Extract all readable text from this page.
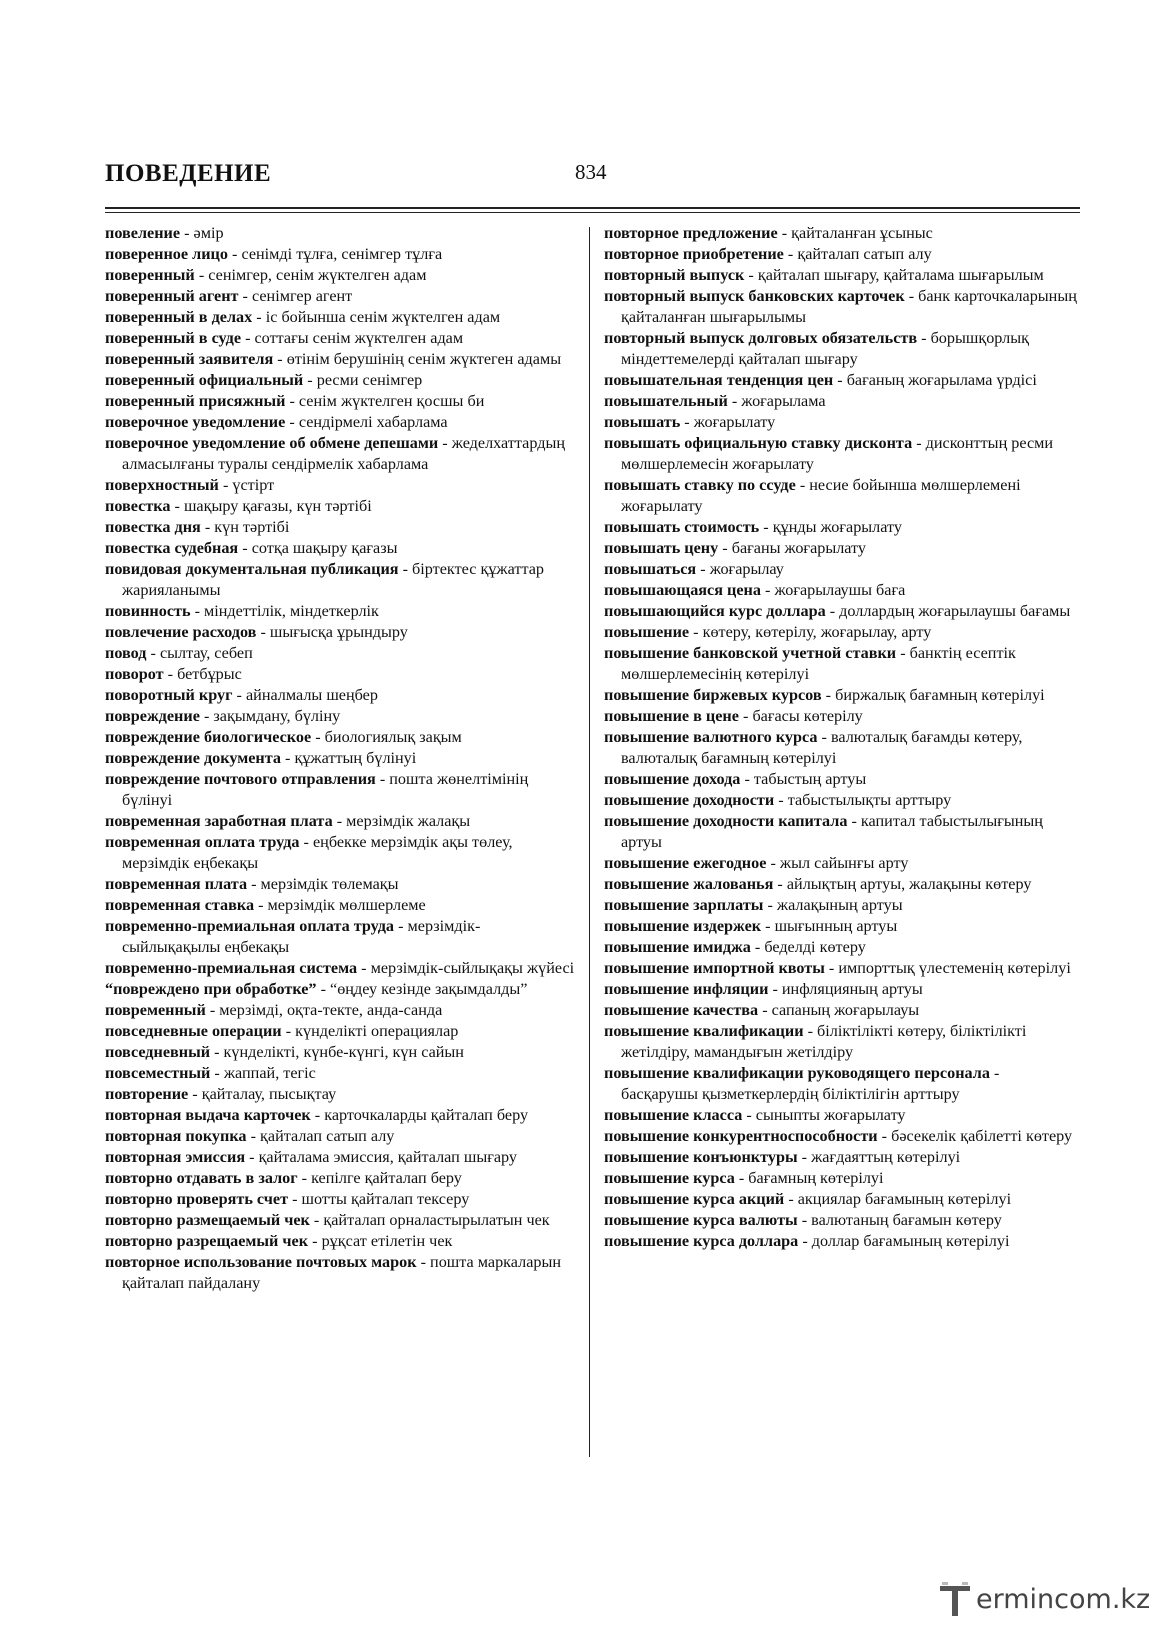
ПОВЕДЕНИЕ	834

повеление - әмір

поверенное лицо - сенімді тұлға, сенімгер тұлға

поверенный - сенімгер, сенім жүктелген адам

поверенный агент - сенімгер агент

поверенный в делах - іс бойынша сенім жүктелген адам

поверенный в суде - соттағы сенім жүктелген адам

поверенный заявителя - өтінім берушінің сенім жүктеген адамы

поверенный официальный - ресми сенімгер

поверенный присяжный - сенім жүктелген қосшы би

поверочное уведомление - сендірмелі хабарлама

поверочное уведомление об обмене депешами - жеделхаттардың алмасылғаны туралы сендірмелік хабарлама

поверхностный - үстірт

повестка - шақыру қағазы, күн тәртібі

повестка дня - күн тәртібі

повестка судебная - сотқа шақыру қағазы

повидовая документальная публикация - біртектес құжаттар жарияланымы

повинность - міндеттілік, міндеткерлік

повлечение расходов - шығысқа ұрындыру

повод - сылтау, себеп

поворот - бетбұрыс

поворотный круг - айналмалы шеңбер

повреждение - зақымдану, бүліну

повреждение биологическое - биологиялық зақым

повреждение документа - құжаттың бүлінуі

повреждение почтового отправления - пошта жөнелтімінің бүлінуі

повременная заработная плата - мерзімдік жалақы

повременная оплата труда - еңбекке мерзімдік ақы төлеу, мерзімдік еңбекақы

повременная плата - мерзімдік төлемақы

повременная ставка - мерзімдік мөлшерлеме

повременно-премиальная оплата труда - мерзімдік-сыйлықақылы еңбекақы

повременно-премиальная система - мерзімдік-сыйлықақы жүйесі

“повреждено при обработке” - “өңдеу кезінде зақымдалды”

повременный - мерзімді, оқта-текте, анда-санда

повседневные операции - күнделікті операциялар

повседневный - күнделікті, күнбе-күнгі, күн сайын

повсеместный - жаппай, тегіс

повторение - қайталау, пысықтау

повторная выдача карточек - карточкаларды қайталап беру

повторная покупка - қайталап сатып алу

повторная эмиссия - қайталама эмиссия, қайталап шығару

повторно отдавать в залог - кепілге қайталап беру

повторно проверять счет - шотты қайталап тексеру

повторно размещаемый чек - қайталап орналастырылатын чек

повторно разрещаемый чек - рұқсат етілетін чек

повторное использование почтовых марок - пошта маркаларын қайталап пайдалану

повторное предложение - қайталанған ұсыныс

повторное приобретение - қайталап сатып алу

повторный выпуск - қайталап шығару, қайталама шығарылым

повторный выпуск банковских карточек - банк карточкаларының қайталанған шығарылымы

повторный выпуск долговых обязательств - борышқорлық міндеттемелерді қайталап шығару

повышательная тенденция цен - бағаның жоғарылама үрдісі

повышательный - жоғарылама

повышать - жоғарылату

повышать официальную ставку дисконта - дисконттың ресми мөлшерлемесін жоғарылату

повышать ставку по ссуде - несие бойынша мөлшерлемені жоғарылату

повышать стоимость - құнды жоғарылату

повышать цену - бағаны жоғарылату

повышаться - жоғарылау

повышающаяся цена - жоғарылаушы баға

повышающийся курс доллара - доллардың жоғарылаушы бағамы

повышение - көтеру, көтерілу, жоғарылау, арту

повышение банковской учетной ставки - банктің есептік мөлшерлемесінің көтерілуі

повышение биржевых курсов - биржалық бағамның көтерілуі

повышение в цене - бағасы көтерілу

повышение валютного курса - валюталық бағамды көтеру, валюталық бағамның көтерілуі

повышение дохода - табыстың артуы

повышение доходности - табыстылықты арттыру

повышение доходности капитала - капитал табыстылығының артуы

повышение ежегодное - жыл сайынғы арту

повышение жалованья - айлықтың артуы, жалақыны көтеру

повышение зарплаты - жалақының артуы

повышение издержек - шығынның артуы

повышение имиджа - беделді көтеру

повышение импортной квоты - импорттық үлестеменің көтерілуі

повышение инфляции - инфляцияның артуы

повышение качества - сапаның жоғарылауы

повышение квалификации - біліктілікті көтеру, біліктілікті жетілдіру, мамандығын жетілдіру

повышение квалификации руководящего персонала - басқарушы қызметкерлердің біліктілігін арттыру

повышение класса - сыныпты жоғарылату

повышение конкурентноспособности - бәсекелік қабілетті көтеру

повышение конъюнктуры - жағдаяттың көтерілуі

повышение курса - бағамның көтерілуі

повышение курса акций - акциялар бағамының көтерілуі

повышение курса валюты - валютаның бағамын көтеру

повышение курса доллара - доллар бағамының көтерілуі

ermincom.kz
